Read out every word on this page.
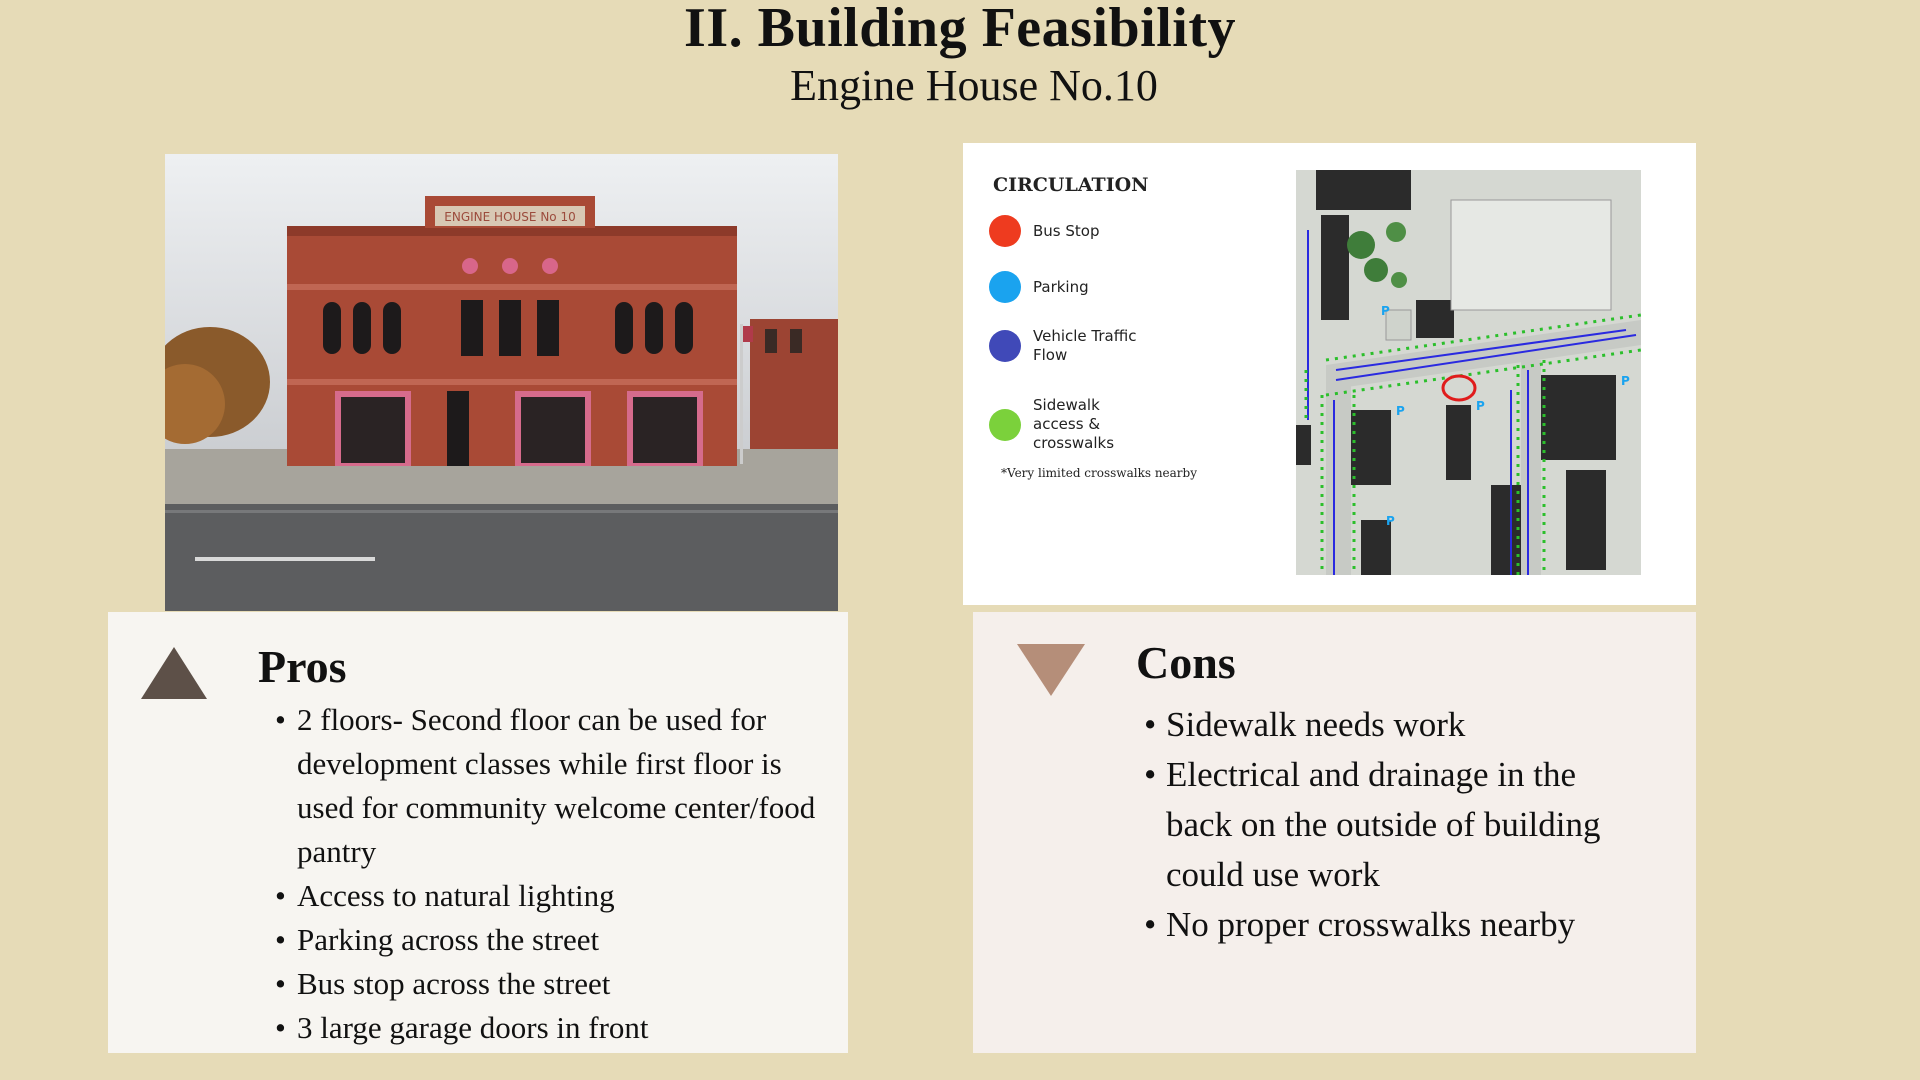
II. Building Feasibility
Engine House No.10
ENGINE HOUSE No 10
CIRCULATION
Bus Stop
Parking
Vehicle Traffic Flow
Sidewalk access & crosswalks
*Very limited crosswalks nearby
P
P	P
P
P
Pros
• 2 floors- Second floor can be used for development classes while first floor is used for community welcome center/food pantry
• Access to natural lighting
• Parking across the street
• Bus stop across the street
• 3 large garage doors in front
Cons
• Sidewalk needs work
• Electrical and drainage in the back on the outside of building could use work
• No proper crosswalks nearby
